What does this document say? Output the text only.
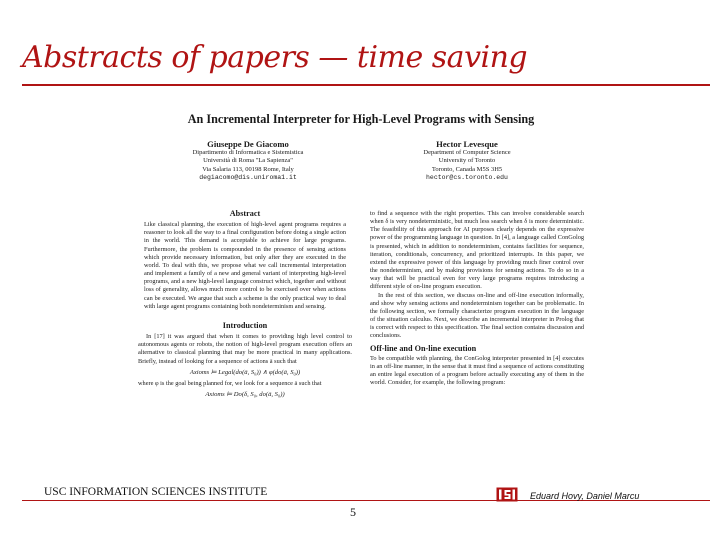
Abstracts of papers — time saving
An Incremental Interpreter for High-Level Programs with Sensing
Giuseppe De Giacomo
Dipartimento di Informatica e Sistemistica
Università di Roma "La Sapienza"
Via Salaria 113, 00198 Rome, Italy
degiacomo@dis.uniroma1.it
Hector Levesque
Department of Computer Science
University of Toronto
Toronto, Canada M5S 3H5
hector@cs.toronto.edu
Abstract

Like classical planning, the execution of high-level agent programs requires a reasoner to look all the way to a final configuration before doing a single action in the world. This demand is acceptable to achieve for large programs. Furthermore, the problem is compounded in the presence of sensing actions which provide necessary information, but only after they are executed in the world. To deal with this, we propose what we call incremental interpretation and implement a family of a new and general variant of interpreting high-level programs, and a new high-level language construct which, together and without loss of generality, allows much more control to be exercised over when actions can be executed. We argue that such a scheme is the only practical way to deal with large agent programs containing both nondeterminism and sensing.

Introduction

In [17] it was argued that when it comes to providing high level control to autonomous agents or robots, the notion of high-level program execution offers an alternative to classical planning that may be more practical in many applications. Briefly, instead of looking for a sequence of actions ā such that

Axioms ⊨ Legal(do(ā, S₀)) ∧ φ(do(ā, S₀))

where φ is the goal being planned for, we look for a sequence ā such that

Axioms ⊨ Do(δ, S₀, do(ā, S₀))

to find a sequence with the right properties. This can involve considerable search when δ is very nondeterministic, but much less search when δ is more deterministic. The feasibility of this approach for AI purposes clearly depends on the expressive power of the programming language in question. In [4], a language called ConGolog is presented, which in addition to nondeterminism, contains facilities for sequence, iteration, conditionals, concurrency, and prioritized interrupts. In this paper, we extend the expressive power of this language by providing much finer control over the nondeterminism, and by making provisions for sensing actions. To do so in a way that will be practical even for very large programs requires introducing a different style of on-line program execution.

In the rest of this section, we discuss on-line and off-line execution informally, and show why sensing actions and nondeterminism together can be problematic. In the following section, we formally characterize program execution in the language of the situation calculus. Next, we describe an incremental interpreter in Prolog that is correct with respect to this specification. The final section contains discussion and conclusions.

Off-line and On-line execution

To be compatible with planning, the ConGolog interpreter presented in [4] executes in an off-line manner, in the sense that it must find a sequence of actions constituting an entire legal execution of a program before actually executing any of them in the world. Consider, for example, the following program:

USC INFORMATION SCIENCES INSTITUTE	Eduard Hovy, Daniel Marcu
5
